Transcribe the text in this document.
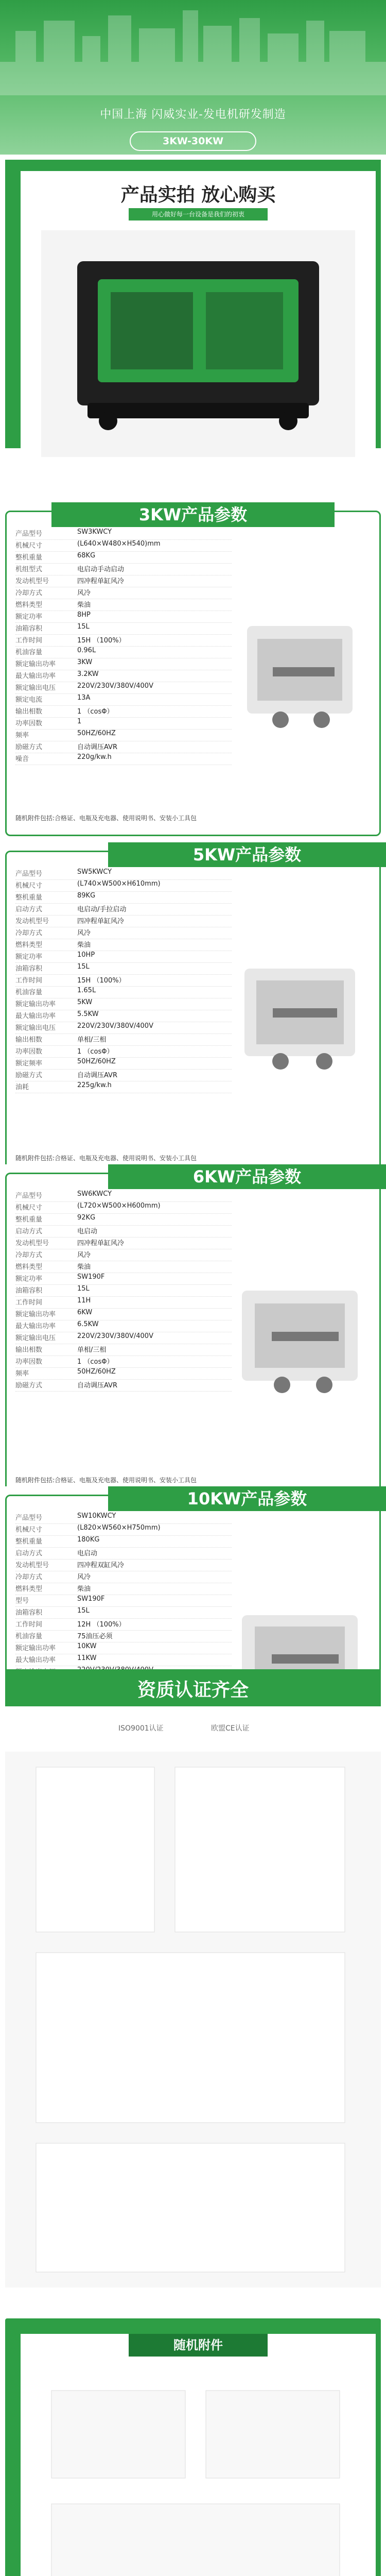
中国上海 闪威实业-发电机研发制造
3KW-30KW
产品实拍 放心购买
用心做好每一台设备是我们的初衷
3KW产品参数
产品型号	SW3KWCY
机械尺寸	(L640×W480×H540)mm
整机重量	68KG
机组型式	电启动手动启动
发动机型号	四冲程单缸风冷
冷却方式	风冷
燃料类型	柴油
额定功率	8HP
油箱容积	15L
工作时间	15H （100%）
机油容量	0.96L
额定输出功率	3KW
最大输出功率	3.2KW
额定输出电压	220V/230V/380V/400V
额定电流	13A
输出相数	1 （cosΦ）
功率因数	1
频率	50HZ/60HZ
励磁方式	自动调压AVR
噪音	220g/kw.h
随机附件包括:合格证、电瓶及充电器、使用说明书、安装小工具包
5KW产品参数
产品型号	SW5KWCY
机械尺寸	(L740×W500×H610mm)
整机重量	89KG
启动方式	电启动/手拉启动
发动机型号	四冲程单缸风冷
冷却方式	风冷
燃料类型	柴油
额定功率	10HP
油箱容积	15L
工作时间	15H （100%）
机油容量	1.65L
额定输出功率	5KW
最大输出功率	5.5KW
额定输出电压	220V/230V/380V/400V
输出相数	单相/三相
功率因数	1 （cosΦ）
额定频率	50HZ/60HZ
励磁方式	自动调压AVR
油耗	225g/kw.h
随机附件包括:合格证、电瓶及充电器、使用说明书、安装小工具包
6KW产品参数
产品型号	SW6KWCY
机械尺寸	(L720×W500×H600mm)
整机重量	92KG
启动方式	电启动
发动机型号	四冲程单缸风冷
冷却方式	风冷
燃料类型	柴油
额定功率	SW190F
油箱容积	15L
工作时间	11H
额定输出功率	6KW
最大输出功率	6.5KW
额定输出电压	220V/230V/380V/400V
输出相数	单相/三相
功率因数	1 （cosΦ）
频率	50HZ/60HZ
励磁方式	自动调压AVR
随机附件包括:合格证、电瓶及充电器、使用说明书、安装小工具包
10KW产品参数
产品型号	SW10KWCY
机械尺寸	(L820×W560×H750mm)
整机重量	180KG
启动方式	电启动
发动机型号	四冲程双缸风冷
冷却方式	风冷
燃料类型	柴油
型号	SW190F
油箱容积	15L
工作时间	12H （100%）
机油容量	75油压必须
额定输出功率	10KW
最大输出功率	11KW
资质认证齐全
ISO9001认证	欧盟CE认证
随机附件
